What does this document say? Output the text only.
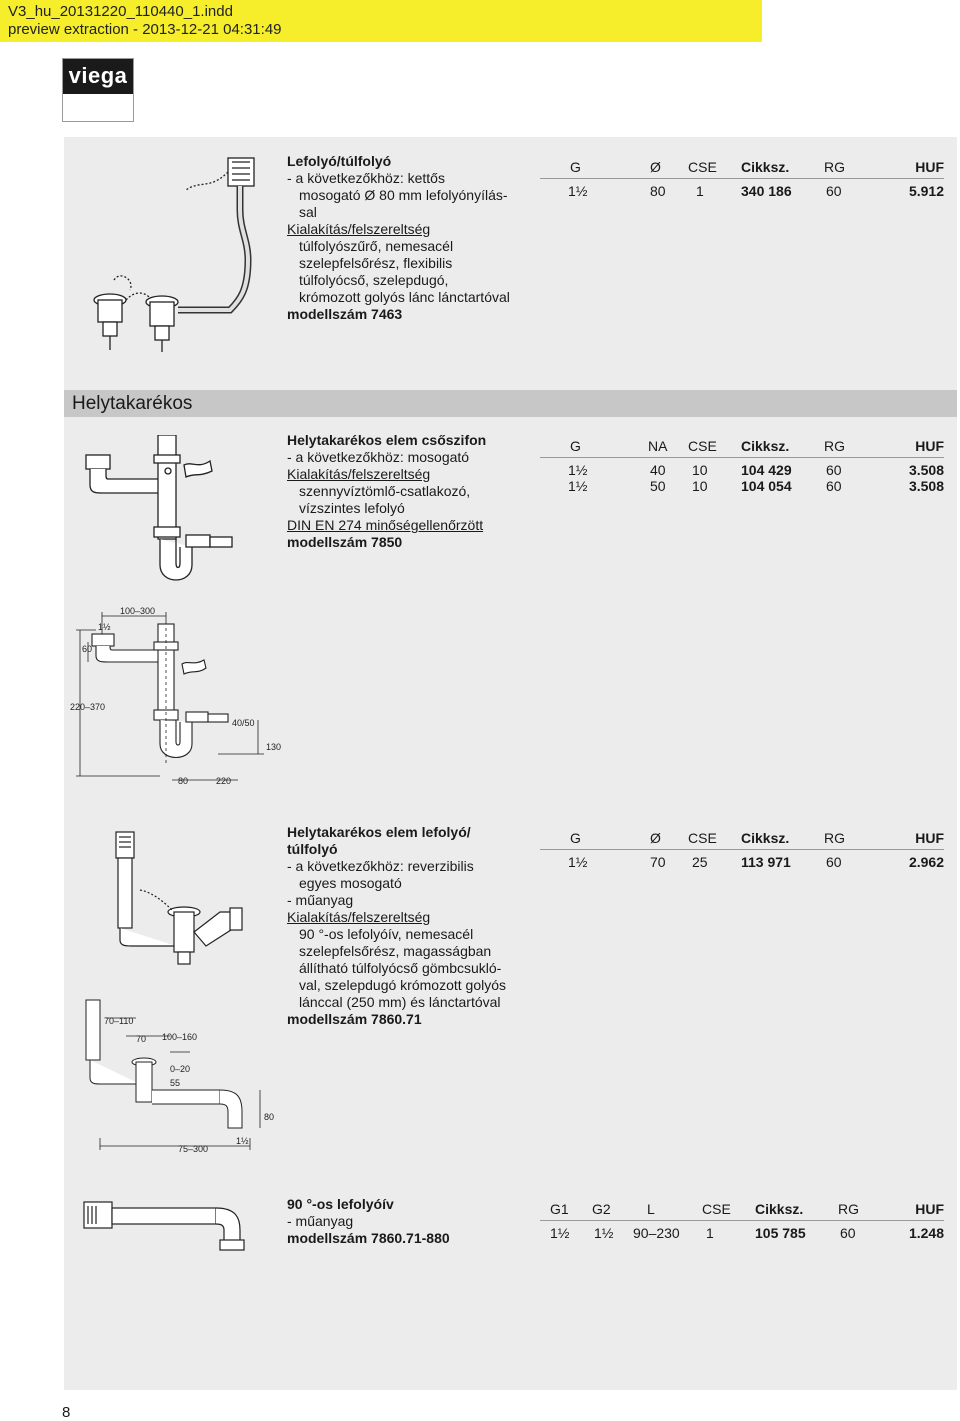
V3_hu_20131220_110440_1.indd
preview extraction - 2013-12-21 04:31:49
viega
Lefolyó/túlfolyó
- a következőkhöz: kettős
mosogató Ø 80 mm lefolyónyílás-
sal
Kialakítás/felszereltség
túlfolyószűrő, nemesacél
szelepfelsőrész, flexibilis
túlfolyócső, szelepdugó,
krómozott golyós lánc lánctartóval
modellszám 7463
G	Ø	CSE	Cikksz.	RG	HUF
1½	80	1	340 186	60	5.912
Helytakarékos
Helytakarékos elem csőszifon
- a következőkhöz: mosogató
Kialakítás/felszereltség
szennyvíztömlő-csatlakozó,
vízszintes lefolyó
DIN EN 274 minőségellenőrzött
modellszám 7850
G	NA	CSE	Cikksz.	RG	HUF
1½	40	10	104 429	60	3.508
1½	50	10	104 054	60	3.508
100–300
1½
60
220–370
40/50
130
80	220
70–110
70 100–160
0–20
55
80
1½
75–300
Helytakarékos elem lefolyó/
túlfolyó
- a következőkhöz: reverzibilis
egyes mosogató
- műanyag
Kialakítás/felszereltség
90 °-os lefolyóív, nemesacél
szelepfelsőrész, magasságban
állítható túlfolyócső gömbcsukló-
val, szelepdugó krómozott golyós
lánccal (250 mm) és lánctartóval
modellszám 7860.71
G	Ø	CSE	Cikksz.	RG	HUF
1½	70	25	113 971	60	2.962
90 °-os lefolyóív
- műanyag
modellszám 7860.71-880
G1	G2	L	CSE	Cikksz.	RG	HUF
1½	1½	90–230	1	105 785	60	1.248
8
